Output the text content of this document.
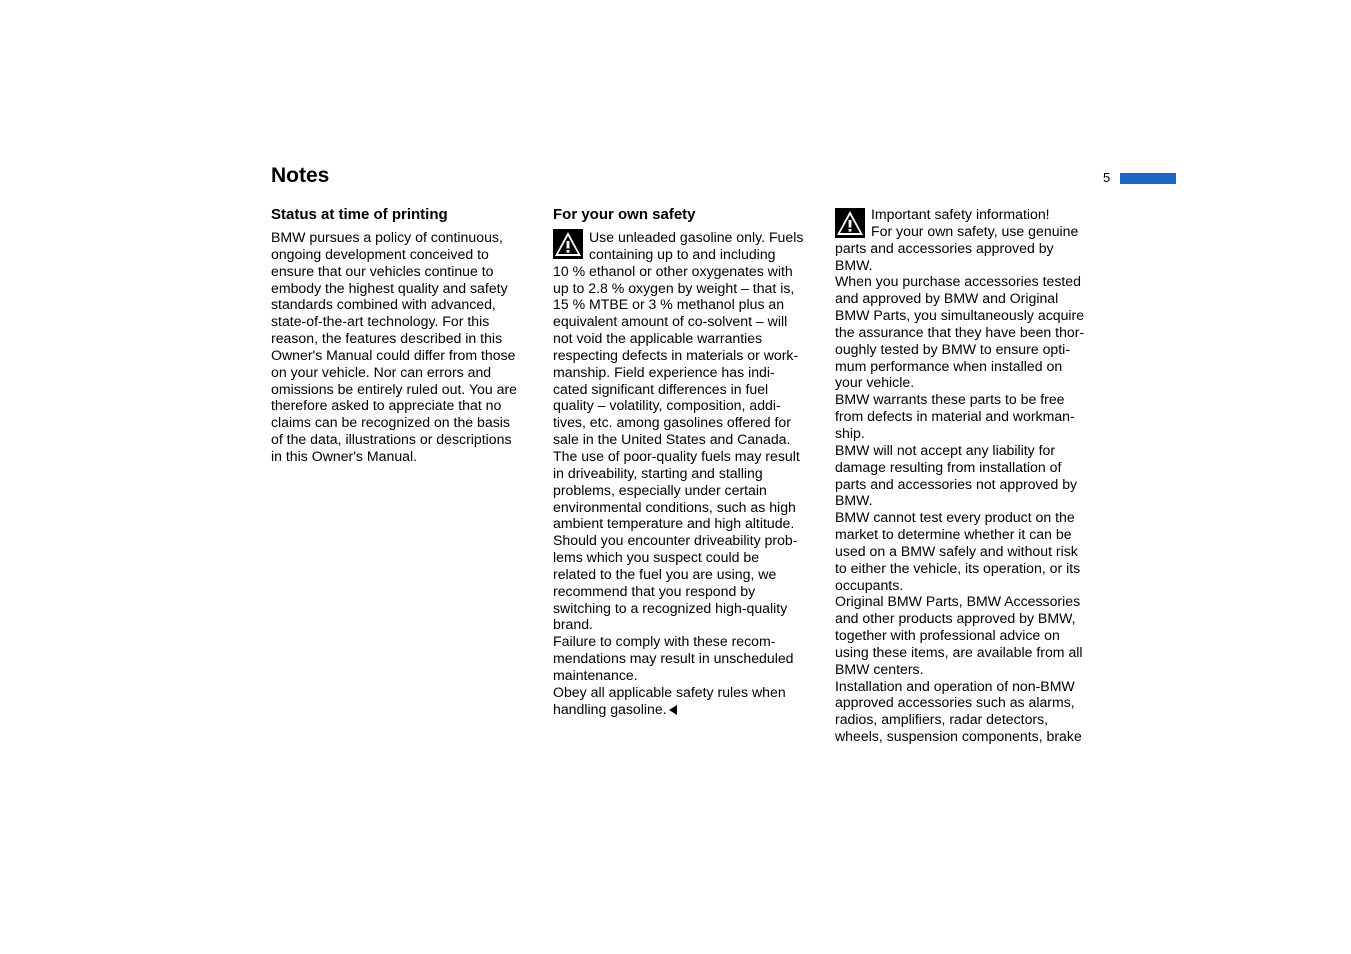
Notes	5
Status at time of printing

BMW pursues a policy of continuous,
ongoing development conceived to
ensure that our vehicles continue to
embody the highest quality and safety
standards combined with advanced,
state-of-the-art technology. For this
reason, the features described in this
Owner's Manual could differ from those
on your vehicle. Nor can errors and
omissions be entirely ruled out. You are
therefore asked to appreciate that no
claims can be recognized on the basis
of the data, illustrations or descriptions
in this Owner's Manual.

For your own safety

Use unleaded gasoline only. Fuels
containing up to and including
10 % ethanol or other oxygenates with
up to 2.8 % oxygen by weight – that is,
15 % MTBE or 3 % methanol plus an
equivalent amount of co-solvent – will
not void the applicable warranties
respecting defects in materials or work-
manship. Field experience has indi-
cated significant differences in fuel
quality – volatility, composition, addi-
tives, etc. among gasolines offered for
sale in the United States and Canada.
The use of poor-quality fuels may result
in driveability, starting and stalling
problems, especially under certain
environmental conditions, such as high
ambient temperature and high altitude.
Should you encounter driveability prob-
lems which you suspect could be
related to the fuel you are using, we
recommend that you respond by
switching to a recognized high-quality
brand.
Failure to comply with these recom-
mendations may result in unscheduled
maintenance.
Obey all applicable safety rules when
handling gasoline.

Important safety information!
For your own safety, use genuine
parts and accessories approved by
BMW.
When you purchase accessories tested
and approved by BMW and Original
BMW Parts, you simultaneously acquire
the assurance that they have been thor-
oughly tested by BMW to ensure opti-
mum performance when installed on
your vehicle.
BMW warrants these parts to be free
from defects in material and workman-
ship.
BMW will not accept any liability for
damage resulting from installation of
parts and accessories not approved by
BMW.
BMW cannot test every product on the
market to determine whether it can be
used on a BMW safely and without risk
to either the vehicle, its operation, or its
occupants.
Original BMW Parts, BMW Accessories
and other products approved by BMW,
together with professional advice on
using these items, are available from all
BMW centers.
Installation and operation of non-BMW
approved accessories such as alarms,
radios, amplifiers, radar detectors,
wheels, suspension components, brake
